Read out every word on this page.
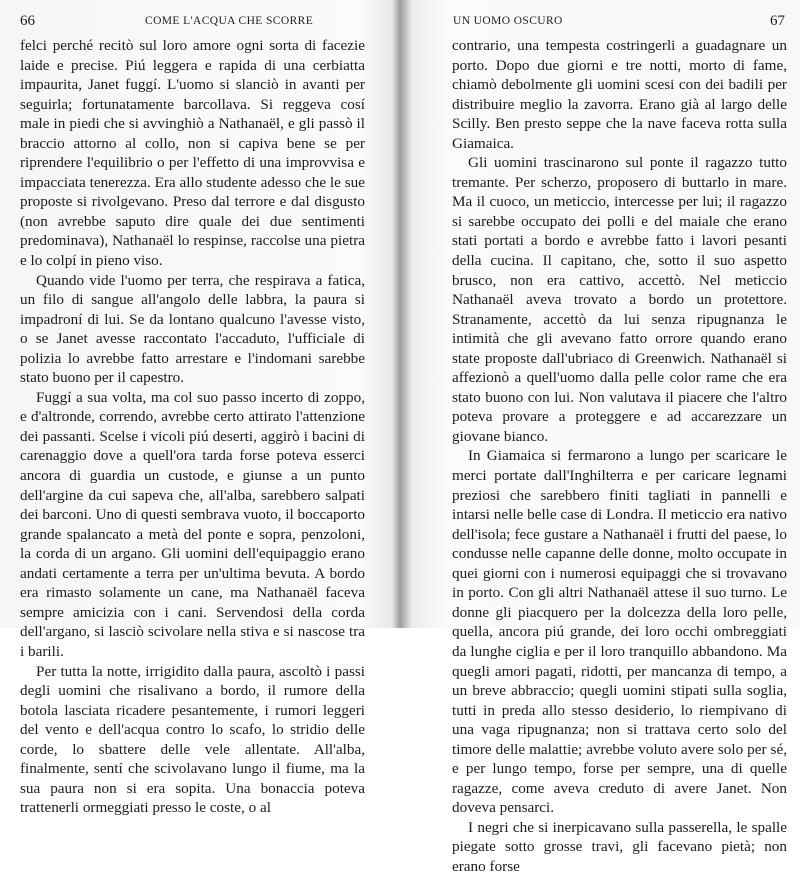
66	COME L'ACQUA CHE SCORRE

felci perché recitò sul loro amore ogni sorta di facezie laide e precise. Piú leggera e rapida di una cerbiatta impaurita, Janet fuggí. L'uomo si slanciò in avanti per seguirla; fortunatamente barcollava. Si reggeva cosí male in piedi che si avvinghiò a Nathanaël, e gli passò il braccio attorno al collo, non si capiva bene se per riprendere l'equilibrio o per l'effetto di una improvvisa e impacciata tenerezza. Era allo studente adesso che le sue proposte si rivolgevano. Preso dal terrore e dal disgusto (non avrebbe saputo dire quale dei due sentimenti predominava), Nathanaël lo respinse, raccolse una pietra e lo colpí in pieno viso.

Quando vide l'uomo per terra, che respirava a fatica, un filo di sangue all'angolo delle labbra, la paura si impadroní di lui. Se da lontano qualcuno l'avesse visto, o se Janet avesse raccontato l'accaduto, l'ufficiale di polizia lo avrebbe fatto arrestare e l'indomani sarebbe stato buono per il capestro.

Fuggí a sua volta, ma col suo passo incerto di zoppo, e d'altronde, correndo, avrebbe certo attirato l'attenzione dei passanti. Scelse i vicoli piú deserti, aggirò i bacini di carenaggio dove a quell'ora tarda forse poteva esserci ancora di guardia un custode, e giunse a un punto dell'argine da cui sapeva che, all'alba, sarebbero salpati dei barconi. Uno di questi sembrava vuoto, il boccaporto grande spalancato a metà del ponte e sopra, penzoloni, la corda di un argano. Gli uomini dell'equipaggio erano andati certamente a terra per un'ultima bevuta. A bordo era rimasto solamente un cane, ma Nathanaël faceva sempre amicizia con i cani. Servendosi della corda dell'argano, si lasciò scivolare nella stiva e si nascose tra i barili.

Per tutta la notte, irrigidito dalla paura, ascoltò i passi degli uomini che risalivano a bordo, il rumore della botola lasciata ricadere pesantemente, i rumori leggeri del vento e dell'acqua contro lo scafo, lo stridio delle corde, lo sbattere delle vele allentate. All'alba, finalmente, sentí che scivolavano lungo il fiume, ma la sua paura non si era sopita. Una bonaccia poteva trattenerli ormeggiati presso le coste, o al

UN UOMO OSCURO	67

contrario, una tempesta costringerli a guadagnare un porto. Dopo due giorni e tre notti, morto di fame, chiamò debolmente gli uomini scesi con dei badili per distribuire meglio la zavorra. Erano già al largo delle Scilly. Ben presto seppe che la nave faceva rotta sulla Giamaica.

Gli uomini trascinarono sul ponte il ragazzo tutto tremante. Per scherzo, proposero di buttarlo in mare. Ma il cuoco, un meticcio, intercesse per lui; il ragazzo si sarebbe occupato dei polli e del maiale che erano stati portati a bordo e avrebbe fatto i lavori pesanti della cucina. Il capitano, che, sotto il suo aspetto brusco, non era cattivo, accettò. Nel meticcio Nathanaël aveva trovato a bordo un protettore. Stranamente, accettò da lui senza ripugnanza le intimità che gli avevano fatto orrore quando erano state proposte dall'ubriaco di Greenwich. Nathanaël si affezionò a quell'uomo dalla pelle color rame che era stato buono con lui. Non valutava il piacere che l'altro poteva provare a proteggere e ad accarezzare un giovane bianco.

In Giamaica si fermarono a lungo per scaricare le merci portate dall'Inghilterra e per caricare legnami preziosi che sarebbero finiti tagliati in pannelli e intarsi nelle belle case di Londra. Il meticcio era nativo dell'isola; fece gustare a Nathanaël i frutti del paese, lo condusse nelle capanne delle donne, molto occupate in quei giorni con i numerosi equipaggi che si trovavano in porto. Con gli altri Nathanaël attese il suo turno. Le donne gli piacquero per la dolcezza della loro pelle, quella, ancora piú grande, dei loro occhi ombreggiati da lunghe ciglia e per il loro tranquillo abbandono. Ma quegli amori pagati, ridotti, per mancanza di tempo, a un breve abbraccio; quegli uomini stipati sulla soglia, tutti in preda allo stesso desiderio, lo riempivano di una vaga ripugnanza; non si trattava certo solo del timore delle malattie; avrebbe voluto avere solo per sé, e per lungo tempo, forse per sempre, una di quelle ragazze, come aveva creduto di avere Janet. Non doveva pensarci.

I negri che si inerpicavano sulla passerella, le spalle piegate sotto grosse travi, gli facevano pietà; non erano forse
